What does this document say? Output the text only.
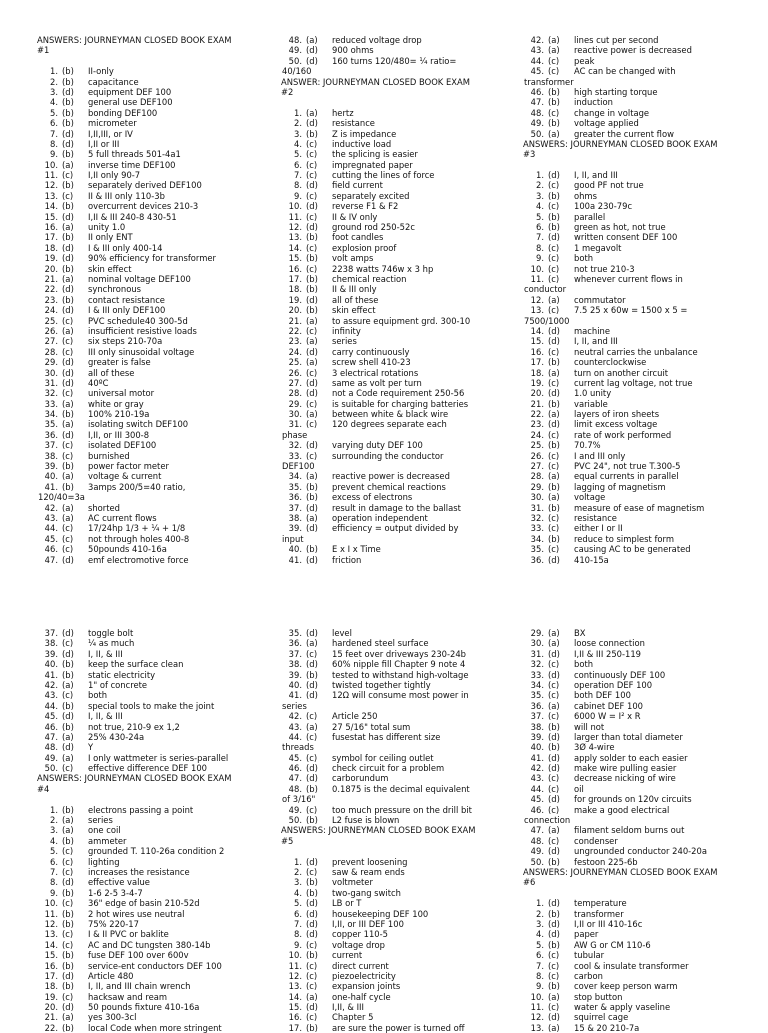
ANSWERS: JOURNEYMAN CLOSED BOOK EXAM
#1
1. (b)	II-only
2. (b)	capacitance
3. (d)	equipment DEF 100
4. (b)	general use DEF100
5. (b)	bonding DEF100
6. (b)	micrometer
7. (d)	I,II,III, or IV
8. (d)	I,II or III
9. (b)	5 full threads 501-4a1
10. (a)	inverse time DEF100
11. (c)	I,II only 90-7
12. (b)	separately derived DEF100
13. (c)	II & III only 110-3b
14. (b)	overcurrent devices 210-3
15. (d)	I,II & III 240-8 430-51
16. (a)	unity 1.0
17. (b)	II only ENT
18. (d)	I & III only 400-14
19. (d)	90% efficiency for transformer
20. (b)	skin effect
21. (a)	nominal voltage DEF100
22. (d)	synchronous
23. (b)	contact resistance
24. (d)	I & III only DEF100
25. (c)	PVC schedule40 300-5d
26. (a)	insufficient resistive loads
27. (c)	six steps 210-70a
28. (c)	III only sinusoidal voltage
29. (d)	greater is false
30. (d)	all of these
31. (d)	40ºC
32. (c)	universal motor
33. (a)	white or gray
34. (b)	100% 210-19a
35. (a)	isolating switch DEF100
36. (d)	I,II, or III 300-8
37. (c)	isolated DEF100
38. (c)	burnished
39. (b)	power factor meter
40. (a)	voltage & current
41. (b)	3amps 200/5=40 ratio,
120/40=3a
42. (a)	shorted
43. (a)	AC current flows
44. (c)	17/24hp 1/3 + ¼ + 1/8
45. (c)	not through holes 400-8
46. (c)	50pounds 410-16a
47. (d)	emf electromotive force
48. (a)	reduced voltage drop
49. (d)	900 ohms
50. (d)	160 turns 120/480= ¼ ratio=
40/160
ANSWER: JOURNEYMAN CLOSED BOOK EXAM
#2
1. (a)	hertz
2. (d)	resistance
3. (b)	Z is impedance
4. (c)	inductive load
5. (c)	the splicing is easier
6. (c)	impregnated paper
7. (c)	cutting the lines of force
8. (d)	field current
9. (c)	separately excited
10. (d)	reverse F1 & F2
11. (c)	II & IV only
12. (d)	ground rod 250-52c
13. (b)	foot candles
14. (c)	explosion proof
15. (b)	volt amps
16. (c)	2238 watts 746w x 3 hp
17. (b)	chemical reaction
18. (b)	II & III only
19. (d)	all of these
20. (b)	skin effect
21. (a)	to assure equipment grd. 300-10
22. (c)	infinity
23. (a)	series
24. (d)	carry continuously
25. (a)	screw shell 410-23
26. (c)	3 electrical rotations
27. (d)	same as volt per turn
28. (d)	not a Code requirement 250-56
29. (c)	is suitable for charging batteries
30. (a)	between white & black wire
31. (c)	120 degrees separate each
phase
32. (d)	varying duty DEF 100
33. (c)	surrounding the conductor
DEF100
34. (a)	reactive power is decreased
35. (b)	prevent chemical reactions
36. (b)	excess of electrons
37. (d)	result in damage to the ballast
38. (a)	operation independent
39. (d)	efficiency = output divided by
input
40. (b)	E x I x Time
41. (d)	friction
42. (a)	lines cut per second
43. (a)	reactive power is decreased
44. (c)	peak
45. (c)	AC can be changed with
transformer
46. (b)	high starting torque
47. (b)	induction
48. (c)	change in voltage
49. (b)	voltage applied
50. (a)	greater the current flow
ANSWERS: JOURNEYMAN CLOSED BOOK EXAM
#3
1. (d)	I, II, and III
2. (c)	good PF not true
3. (b)	ohms
4. (c)	100a 230-79c
5. (b)	parallel
6. (b)	green as hot, not true
7. (d)	written consent DEF 100
8. (c)	1 megavolt
9. (c)	both
10. (c)	not true 210-3
11. (c)	whenever current flows in
conductor
12. (a)	commutator
13. (c)	7.5 25 x 60w = 1500 x 5 =
7500/1000
14. (d)	machine
15. (d)	I, II, and III
16. (c)	neutral carries the unbalance
17. (b)	counterclockwise
18. (a)	turn on another circuit
19. (c)	current lag voltage, not true
20. (d)	1.0 unity
21. (b)	variable
22. (a)	layers of iron sheets
23. (d)	limit excess voltage
24. (c)	rate of work performed
25. (b)	70.7%
26. (c)	I and III only
27. (c)	PVC 24", not true T.300-5
28. (a)	equal currents in parallel
29. (b)	lagging of magnetism
30. (a)	voltage
31. (b)	measure of ease of magnetism
32. (c)	resistance
33. (c)	either I or II
34. (b)	reduce to simplest form
35. (c)	causing AC to be generated
36. (d)	410-15a
37. (d)	toggle bolt
38. (c)	¼ as much
39. (d)	I, II, & III
40. (b)	keep the surface clean
41. (b)	static electricity
42. (a)	1" of concrete
43. (c)	both
44. (b)	special tools to make the joint
45. (d)	I, II, & III
46. (b)	not true, 210-9 ex 1,2
47. (a)	25% 430-24a
48. (d)	Y
49. (a)	I only wattmeter is series-parallel
50. (c)	effective difference DEF 100
ANSWERS: JOURNEYMAN CLOSED BOOK EXAM
#4
1. (b)	electrons passing a point
2. (a)	series
3. (a)	one coil
4. (b)	ammeter
5. (c)	grounded T. 110-26a condition 2
6. (c)	lighting
7. (c)	increases the resistance
8. (d)	effective value
9. (b)	1-6 2-5 3-4-7
10. (c)	36" edge of basin 210-52d
11. (b)	2 hot wires use neutral
12. (b)	75% 220-17
13. (c)	I & II PVC or baklite
14. (c)	AC and DC tungsten 380-14b
15. (b)	fuse DEF 100 over 600v
16. (b)	service-ent conductors DEF 100
17. (d)	Article 480
18. (b)	I, II, and III chain wrench
19. (c)	hacksaw and ream
20. (d)	50 pounds fixture 410-16a
21. (a)	yes 300-3cl
22. (b)	local Code when more stringent
35. (d)	level
36. (a)	hardened steel surface
37. (c)	15 feet over driveways 230-24b
38. (d)	60% nipple fill Chapter 9 note 4
39. (b)	tested to withstand high-voltage
40. (d)	twisted together tightly
41. (d)	12Ω will consume most power in
series
42. (c)	Article 250
43. (a)	27 5/16" total sum
44. (c)	fusestat has different size
threads
45. (c)	symbol for ceiling outlet
46. (d)	check circuit for a problem
47. (d)	carborundum
48. (b)	0.1875 is the decimal equivalent
of 3/16"
49. (c)	too much pressure on the drill bit
50. (b)	L2 fuse is blown
ANSWERS: JOURNEYMAN CLOSED BOOK EXAM
#5
1. (d)	prevent loosening
2. (c)	saw & ream ends
3. (b)	voltmeter
4. (b)	two-gang switch
5. (d)	LB or T
6. (d)	housekeeping DEF 100
7. (d)	I,II, or III DEF 100
8. (d)	copper 110-5
9. (c)	voltage drop
10. (b)	current
11. (c)	direct current
12. (c)	piezoelectricity
13. (c)	expansion joints
14. (a)	one-half cycle
15. (d)	I,II, & III
16. (c)	Chapter 5
17. (b)	are sure the power is turned off
29. (a)	BX
30. (a)	loose connection
31. (d)	I,II & III 250-119
32. (c)	both
33. (d)	continuously DEF 100
34. (c)	operation DEF 100
35. (c)	both DEF 100
36. (a)	cabinet DEF 100
37. (c)	6000 W = I² x R
38. (b)	will not
39. (d)	larger than total diameter
40. (b)	3Ø 4-wire
41. (d)	apply solder to each easier
42. (d)	make wire pulling easier
43. (c)	decrease nicking of wire
44. (c)	oil
45. (d)	for grounds on 120v circuits
46. (c)	make a good electrical
connection
47. (a)	filament seldom burns out
48. (c)	condenser
49. (d)	ungrounded conductor 240-20a
50. (b)	festoon 225-6b
ANSWERS: JOURNEYMAN CLOSED BOOK EXAM
#6
1. (d)	temperature
2. (b)	transformer
3. (d)	I,II or III 410-16c
4. (d)	paper
5. (b)	AW G or CM 110-6
6. (c)	tubular
7. (c)	cool & insulate transformer
8. (c)	carbon
9. (b)	cover keep person warm
10. (a)	stop button
11. (c)	water & apply vaseline
12. (d)	squirrel cage
13. (a)	15 & 20 210-7a
